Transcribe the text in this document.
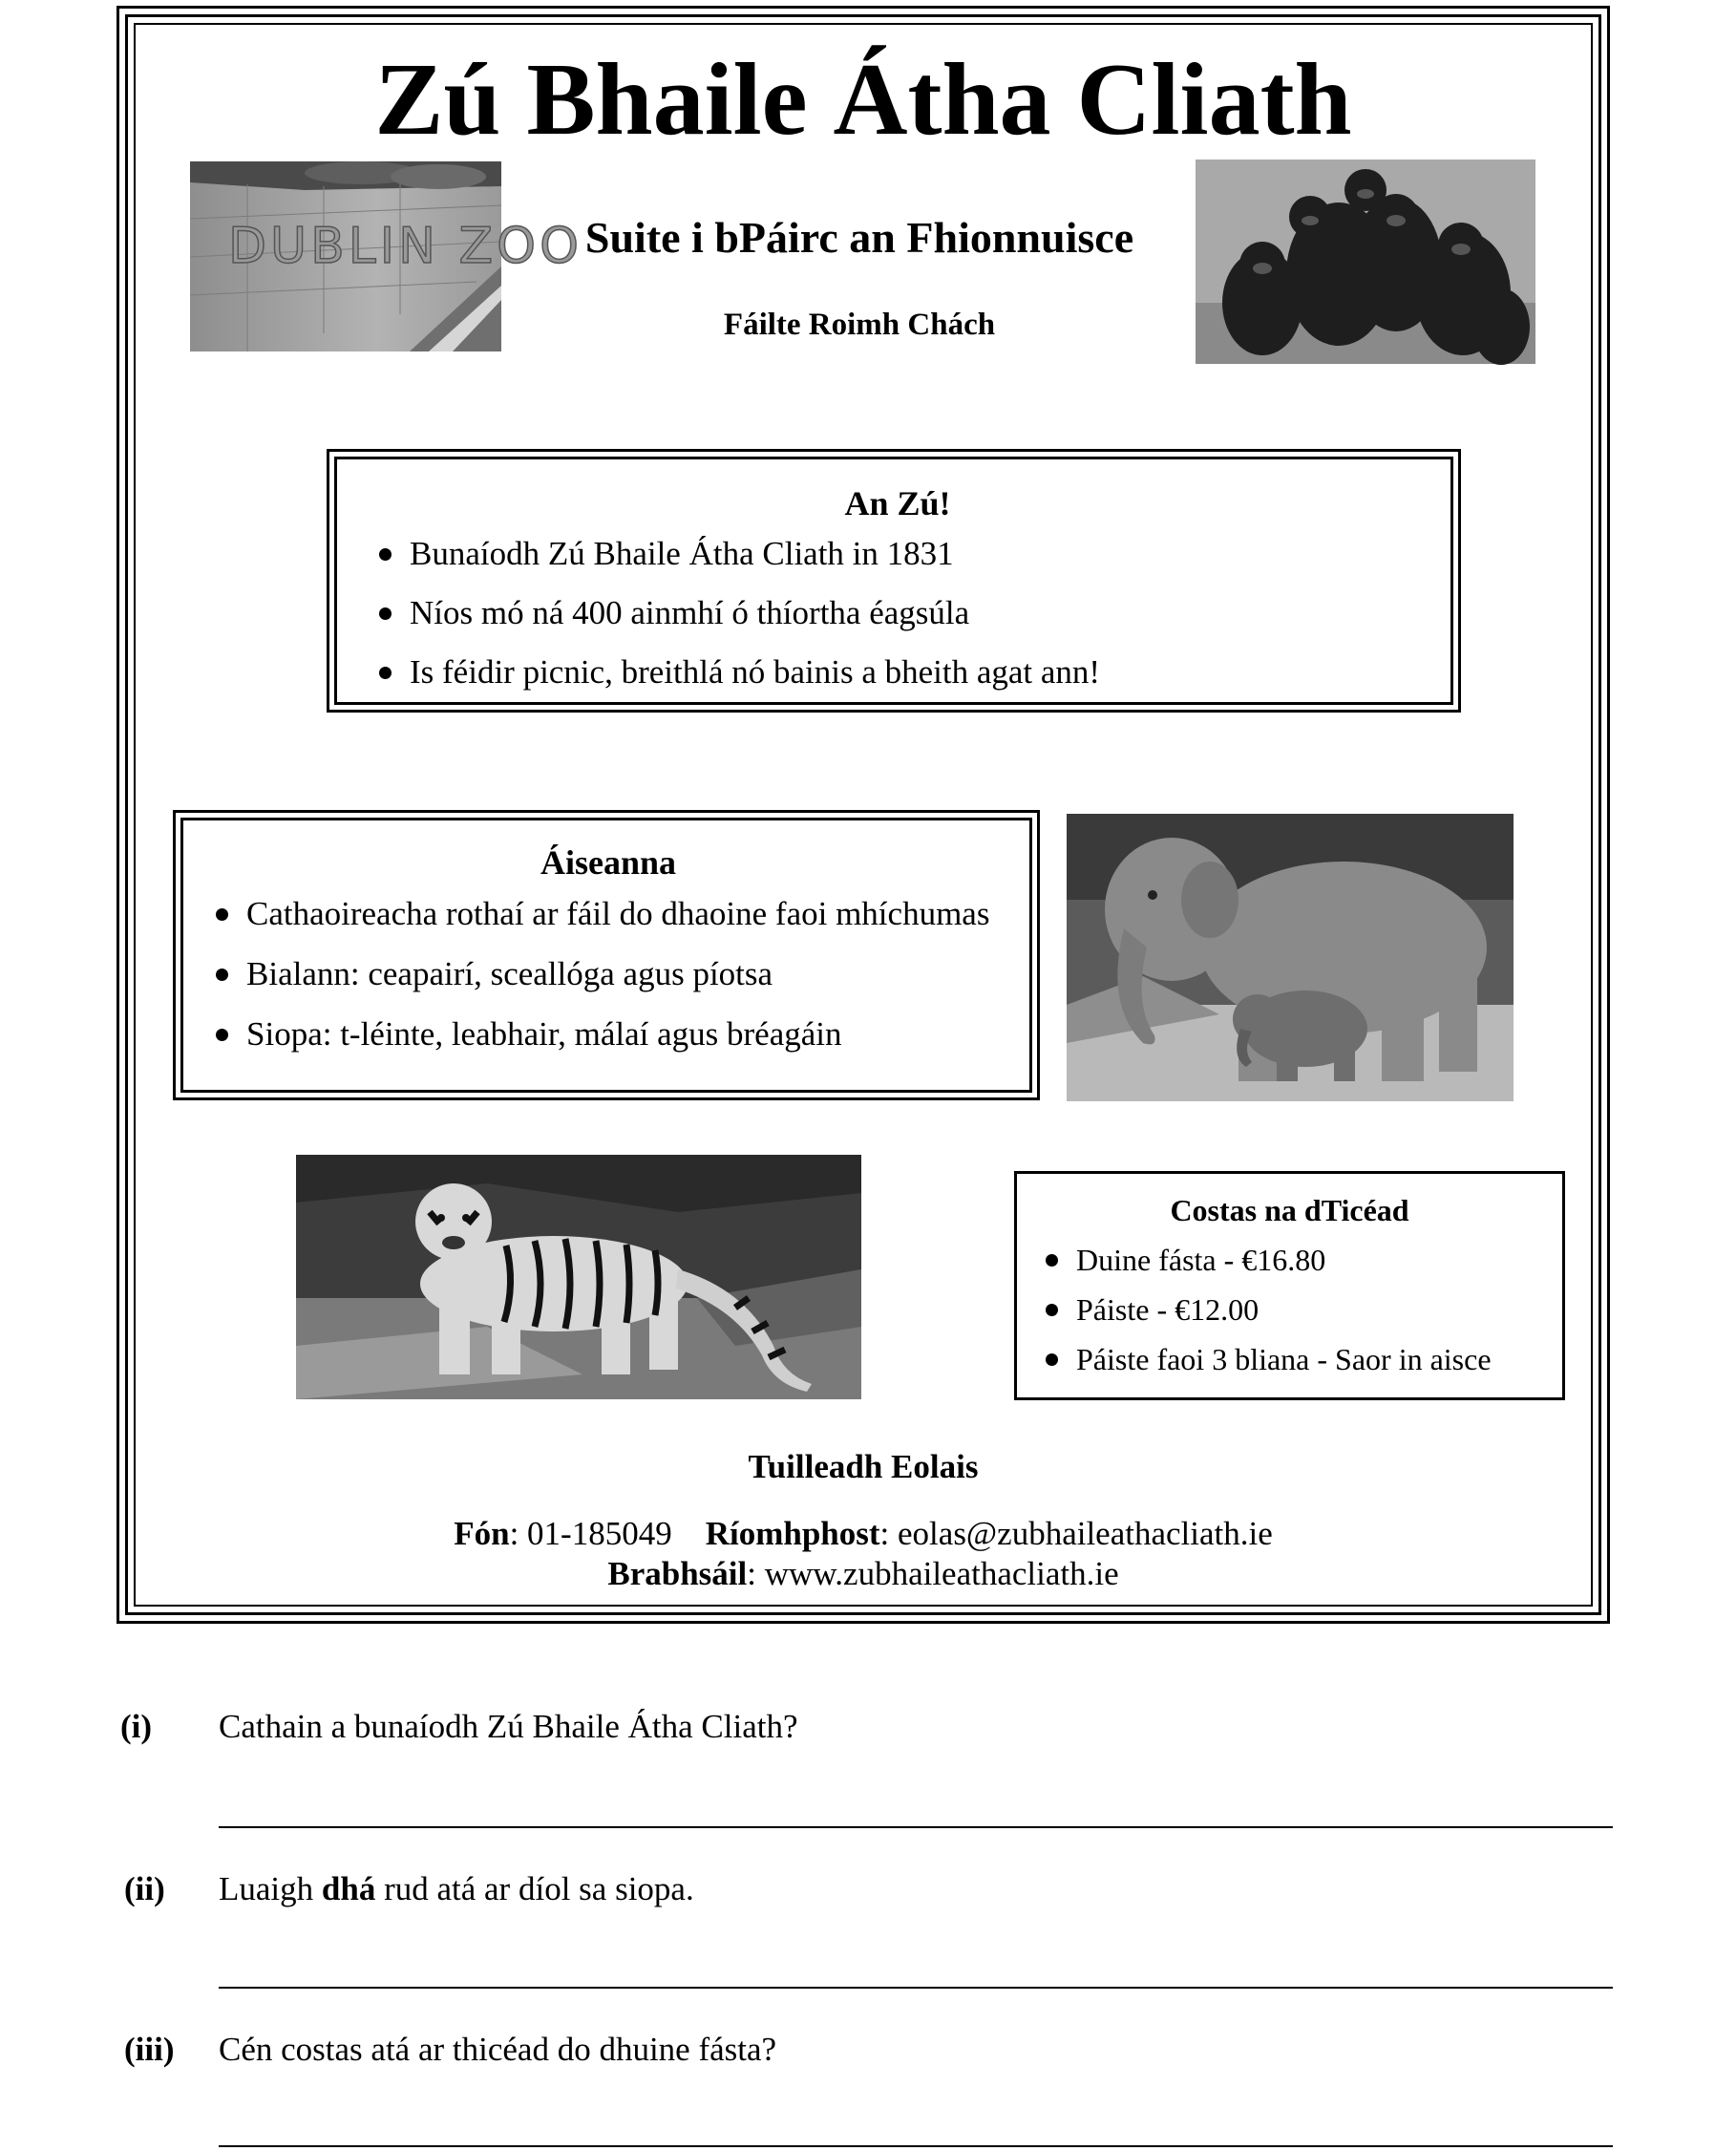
Zú Bhaile Átha Cliath
Suite i bPáirc an Fhionnuisce
Fáilte Roimh Chách
DUBLIN ZOO

An Zú!

Bunaíodh Zú Bhaile Átha Cliath in 1831
Níos mó ná 400 ainmhí ó thíortha éagsúla
Is féidir picnic, breithlá nó bainis a bheith agat ann!

Áiseanna

Cathaoireacha rothaí ar fáil do dhaoine faoi mhíchumas
Bialann: ceapairí, sceallóga agus píotsa
Siopa: t-léinte, leabhair, málaí agus bréagáin

Costas na dTicéad

Duine fásta - €16.80
Páiste - €12.00
Páiste faoi 3 bliana - Saor in aisce
Tuilleadh Eolais
Fón: 01-185049 Ríomhphost: eolas@zubhaileathacliath.ie
Brabhsáil: www.zubhaileathacliath.ie
(i) Cathain a bunaíodh Zú Bhaile Átha Cliath?
(ii) Luaigh dhá rud atá ar díol sa siopa.
(iii) Cén costas atá ar thicéad do dhuine fásta?
